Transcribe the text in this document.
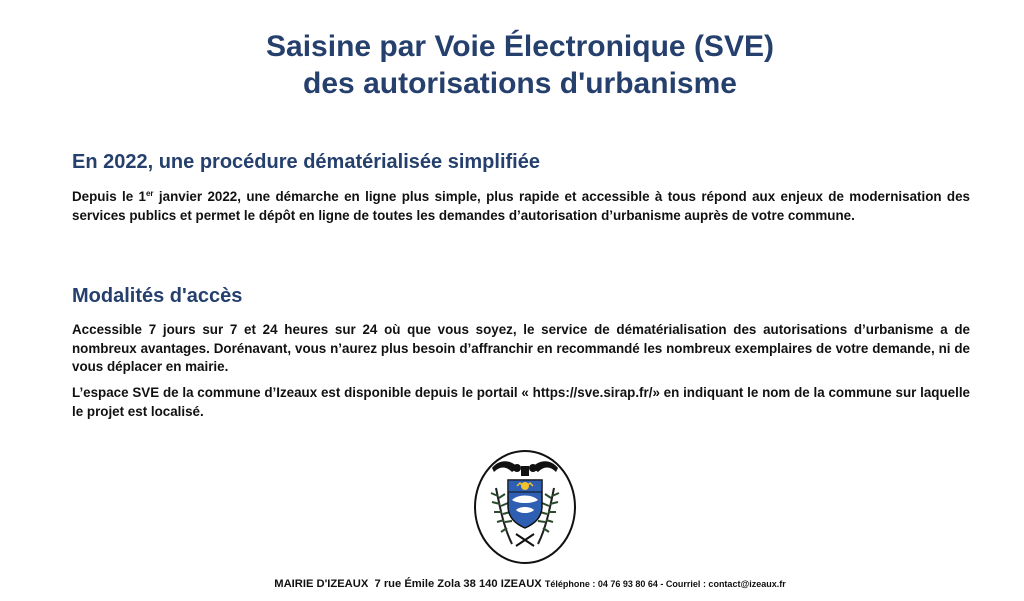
Saisine par Voie Électronique (SVE)
des autorisations d'urbanisme
En 2022, une procédure dématérialisée simplifiée
Depuis le 1er janvier 2022, une démarche en ligne plus simple, plus rapide et accessible à tous répond aux enjeux de modernisation des services publics et permet le dépôt en ligne de toutes les demandes d’autorisation d’urbanisme auprès de votre commune.
Modalités d'accès
Accessible 7 jours sur 7 et 24 heures sur 24 où que vous soyez, le service de dématérialisation des autorisations d’urbanisme a de nombreux avantages. Dorénavant, vous n’aurez plus besoin d’affranchir en recommandé les nombreux exemplaires de votre demande, ni de vous déplacer en mairie.
L’espace SVE de la commune d’Izeaux est disponible depuis le portail « https://sve.sirap.fr/» en indiquant le nom de la commune sur laquelle le projet est localisé.
MAIRIE D'IZEAUX 7 rue Émile Zola 38 140 IZEAUX Téléphone : 04 76 93 80 64 - Courriel : contact@izeaux.fr
